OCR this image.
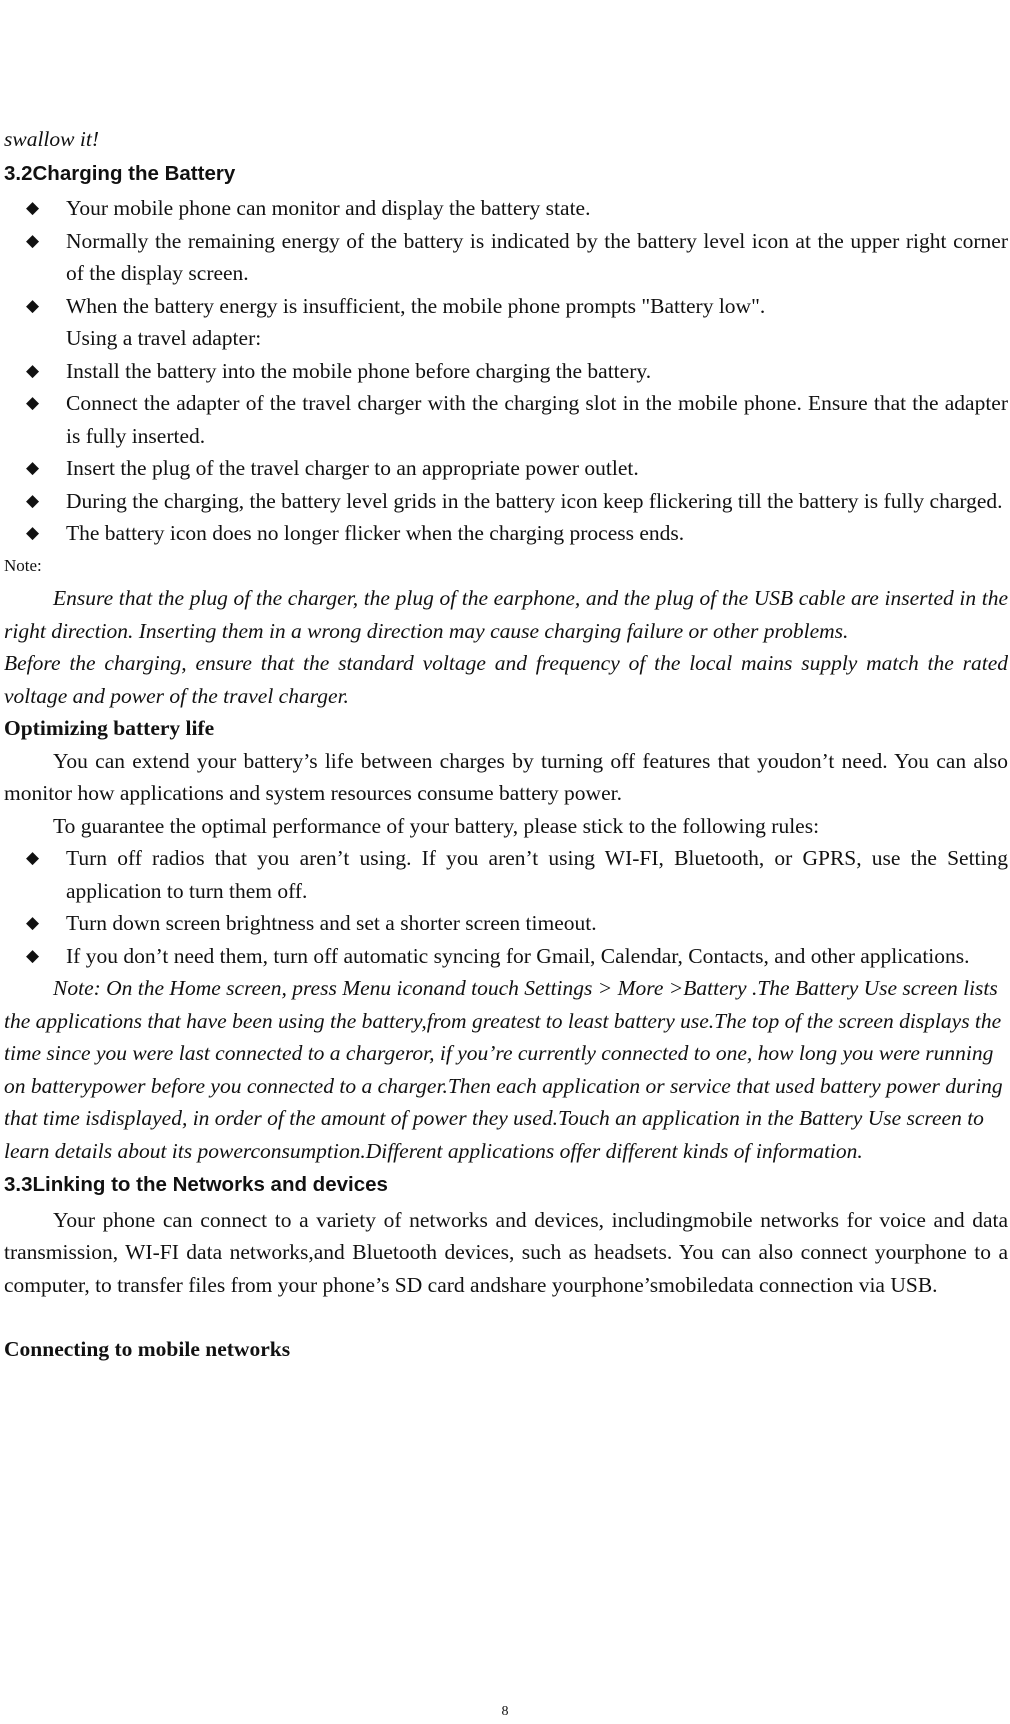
swallow it!

3.2Charging the Battery
◆ Your mobile phone can monitor and display the battery state.
◆ Normally the remaining energy of the battery is indicated by the battery level icon at the upper right corner of the display screen.
◆ When the battery energy is insufficient, the mobile phone prompts "Battery low".

Using a travel adapter:

◆ Install the battery into the mobile phone before charging the battery.
◆ Connect the adapter of the travel charger with the charging slot in the mobile phone. Ensure that the adapter is fully inserted.
◆ Insert the plug of the travel charger to an appropriate power outlet.
◆ During the charging, the battery level grids in the battery icon keep flickering till the battery is fully charged.
◆ The battery icon does no longer flicker when the charging process ends.

Note:

Ensure that the plug of the charger, the plug of the earphone, and the plug of the USB cable are inserted in the right direction. Inserting them in a wrong direction may cause charging failure or other problems.

Before the charging, ensure that the standard voltage and frequency of the local mains supply match the rated voltage and power of the travel charger.

Optimizing battery life

You can extend your battery’s life between charges by turning off features that youdon’t need. You can also monitor how applications and system resources consume battery power.

To guarantee the optimal performance of your battery, please stick to the following rules:

◆ Turn off radios that you aren’t using. If you aren’t using WI-FI, Bluetooth, or GPRS, use the Setting application to turn them off.
◆ Turn down screen brightness and set a shorter screen timeout.
◆ If you don’t need them, turn off automatic syncing for Gmail, Calendar, Contacts, and other applications.

Note: On the Home screen, press Menu iconand touch Settings > More >Battery .The Battery Use screen lists the applications that have been using the battery,from greatest to least battery use.The top of the screen displays the time since you were last connected to a chargeror, if you’re currently connected to one, how long you were running on batterypower before you connected to a charger.Then each application or service that used battery power during that time isdisplayed, in order of the amount of power they used.Touch an application in the Battery Use screen to learn details about its powerconsumption.Different applications offer different kinds of information.

3.3Linking to the Networks and devices

Your phone can connect to a variety of networks and devices, includingmobile networks for voice and data transmission, WI-FI data networks,and Bluetooth devices, such as headsets. You can also connect yourphone to a computer, to transfer files from your phone’s SD card andshare yourphone’smobiledata connection via USB.

Connecting to mobile networks

8
